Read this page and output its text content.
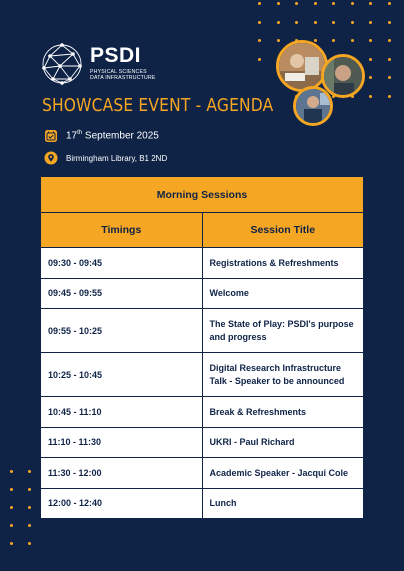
PSDI
PHYSICAL SCIENCES
DATA INFRASTRUCTURE
SHOWCASE EVENT - AGENDA
17th September 2025
Birmingham Library, B1 2ND
Morning Sessions	
Timings	Session Title
09:30 - 09:45	Registrations & Refreshments
09:45 - 09:55	Welcome
09:55 - 10:25	The State of Play: PSDI's purpose and progress

10:25 - 10:45	Digital Research Infrastructure Talk - Speaker to be announced

10:45 - 11:10	Break & Refreshments
11:10 - 11:30	UKRI - Paul Richard
11:30 - 12:00	Academic Speaker - Jacqui Cole
12:00 - 12:40	Lunch
